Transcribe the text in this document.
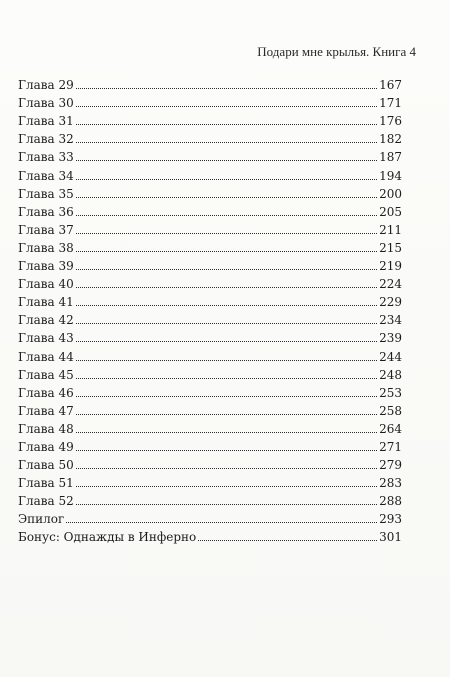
Подари мне крылья. Книга 4
Глава 29	167
Глава 30	171
Глава 31	176
Глава 32	182
Глава 33	187
Глава 34	194
Глава 35	200
Глава 36	205
Глава 37	211
Глава 38	215
Глава 39	219
Глава 40	224
Глава 41	229
Глава 42	234
Глава 43	239
Глава 44	244
Глава 45	248
Глава 46	253
Глава 47	258
Глава 48	264
Глава 49	271
Глава 50	279
Глава 51	283
Глава 52	288
Эпилог	293
Бонус: Однажды в Инферно	301
